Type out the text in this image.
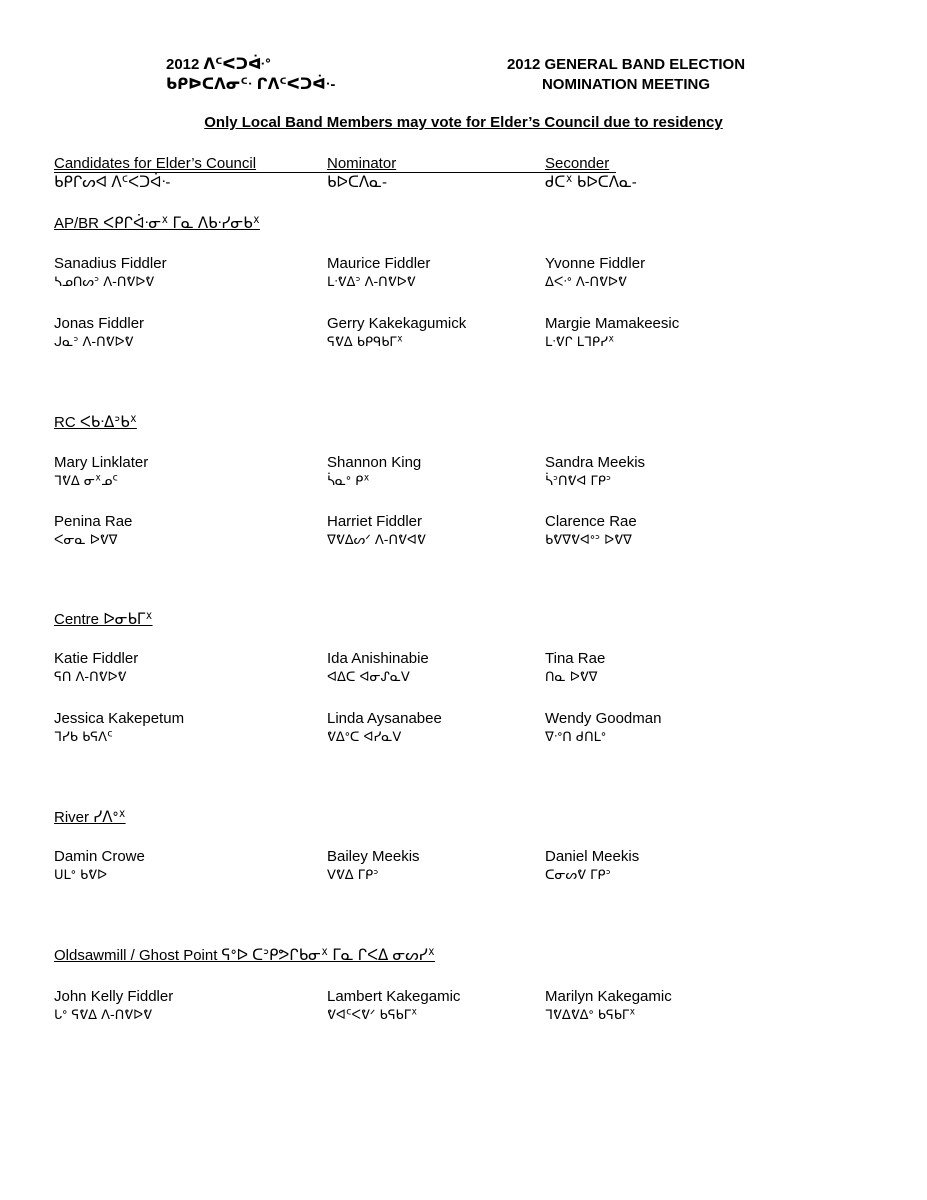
2012 ᐱᑦᐸᑐᐚᐤ
ᑲᑭᐅᑕᐱᓂᑦᐧ ᒋᐱᑦᐸᑐᐋᐧ-
2012 GENERAL BAND ELECTION
NOMINATION MEETING
Only Local Band Members may vote for Elder’s Council due to residency
Candidates for Elder’s Council
ᑲᑭᒋᔕᐊ ᐱᑦᐸᑐᐋᐧ-
Nominator
ᑲᐅᑕᐱᓇ-
Seconder
ᑯᑕᕽ ᑲᐅᑕᐱᓇ-
AP/BR ᐸᑭᒋᐋᐧᓂᕽ ᒥᓇ ᐱᑲᐧᓯᓂᑲᕽ
Sanadius Fiddler
ᓴᓄᑎᔕᐣ ᐱ-ᑎᕓᐅᕓ
Maurice Fiddler
ᒪᐧᕓᐃᐣ ᐱ-ᑎᕓᐅᕓ
Yvonne Fiddler
ᐃᐸᐧᐤ ᐱ-ᑎᕓᐅᕓ
Jonas Fiddler
ᒍᓇᐣ ᐱ-ᑎᕓᐅᕓ
Gerry Kakekagumick
ᕋᕓᐃ ᑲᑭᑫᑲᒥᕽ
Margie Mamakeesic
ᒪᐧᕓᒋ ᒪᒣᑭᓯᕽ
RC ᐸᑲᐧᐃᐣᑲᕽ
Mary Linklater
ᒣᕓᐃ ᓂᕽᓄᑦ
Shannon King
ᓵᓇᐤ ᑭᕽ
Sandra Meekis
ᓵᐣᑎᕓᐊ ᒥᑭᐣ
Penina Rae
ᐸᓂᓇ ᐅᕓᐁ
Harriet Fiddler
ᐁᕓᐃᔕᐟ ᐱ-ᑎᕓᐊᕓ
Clarence Rae
ᑲᕓᐁᕓᐊᐤᐣ ᐅᕓᐁ
Centre ᐅᓂᑲᒥᕽ
Katie Fiddler
ᕋᑎ ᐱ-ᑎᕓᐅᕓ
Ida Anishinabie
ᐊᐃᑕ ᐊᓂᔑᓇᐯ
Tina Rae
ᑎᓇ ᐅᕓᐁ
Jessica Kakepetum
ᒣᓯᑲ ᑲᕋᐱᑦ
Linda Aysanabee
ᕓᐃᐤᑕ ᐊᓯᓇᐯ
Wendy Goodman
ᐁᐧᐤᑎ ᑯᑎᒪᐤ
River ᓯᐱᐤᕽ
Damin Crowe
ᑌᒪᐤ ᑲᕓᐅ
Bailey Meekis
ᐯᕓᐃ ᒥᑭᐣ
Daniel Meekis
ᑕᓂᔕᕓ ᒥᑭᐣ
Oldsawmill / Ghost Point ᕋᐤᐅ ᑕᐣᑭᕗᒋᑲᓂᕽ ᒥᓇ ᒋᐸᐃ ᓂᔕᓯᕽ
John Kelly Fiddler
ᒐᐤ ᕋᕓᐃ ᐱ-ᑎᕓᐅᕓ
Lambert Kakegamic
ᕓᐊᑦᐸᕓᐟ ᑲᕋᑲᒥᕽ
Marilyn Kakegamic
ᒣᕓᐃᕓᐃᐤ ᑲᕋᑲᒥᕽ
